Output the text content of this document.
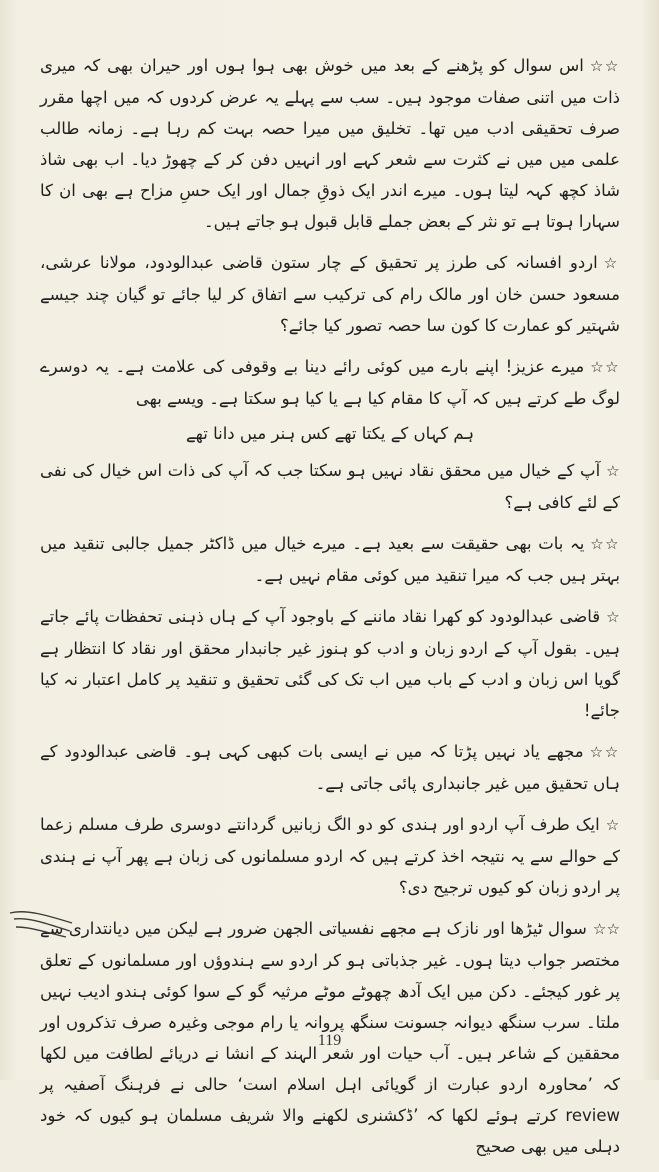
☆☆اس سوال کو پڑھنے کے بعد میں خوش بھی ہوا ہوں اور حیران بھی کہ میری ذات میں اتنی صفات موجود ہیں۔ سب سے پہلے یہ عرض کردوں کہ میں اچھا مقرر صرف تحقیقی ادب میں تھا۔ تخلیق میں میرا حصہ بہت کم رہا ہے۔ زمانہ طالب علمی میں میں نے کثرت سے شعر کہے اور انہیں دفن کر کے چھوڑ دیا۔ اب بھی شاذ شاذ کچھ کہہ لیتا ہوں۔ میرے اندر ایک ذوقِ جمال اور ایک حسِ مزاح ہے بھی ان کا سہارا ہوتا ہے تو نثر کے بعض جملے قابل قبول ہو جاتے ہیں۔

☆اردو افسانہ کی طرز پر تحقیق کے چار ستون قاضی عبدالودود، مولانا عرشی، مسعود حسن خان اور مالک رام کی ترکیب سے اتفاق کر لیا جائے تو گیان چند جیسے شہتیر کو عمارت کا کون سا حصہ تصور کیا جائے؟

☆☆میرے عزیز! اپنے بارے میں کوئی رائے دینا بے وقوفی کی علامت ہے۔ یہ دوسرے لوگ طے کرتے ہیں کہ آپ کا مقام کیا ہے یا کیا ہو سکتا ہے۔ ویسے بھی

ہم کہاں کے یکتا تھے کس ہنر میں دانا تھے

☆آپ کے خیال میں محقق نقاد نہیں ہو سکتا جب کہ آپ کی ذات اس خیال کی نفی کے لئے کافی ہے؟

☆☆یہ بات بھی حقیقت سے بعید ہے۔ میرے خیال میں ڈاکٹر جمیل جالبی تنقید میں بہتر ہیں جب کہ میرا تنقید میں کوئی مقام نہیں ہے۔

☆قاضی عبدالودود کو کھرا نقاد ماننے کے باوجود آپ کے ہاں ذہنی تحفظات پائے جاتے ہیں۔ بقول آپ کے اردو زبان و ادب کو ہنوز غیر جانبدار محقق اور نقاد کا انتظار ہے گویا اس زبان و ادب کے باب میں اب تک کی گئی تحقیق و تنقید پر کامل اعتبار نہ کیا جائے!

☆☆مجھے یاد نہیں پڑتا کہ میں نے ایسی بات کبھی کہی ہو۔ قاضی عبدالودود کے ہاں تحقیق میں غیر جانبداری پائی جاتی ہے۔

☆ایک طرف آپ اردو اور ہندی کو دو الگ زبانیں گردانتے دوسری طرف مسلم زعما کے حوالے سے یہ نتیجہ اخذ کرتے ہیں کہ اردو مسلمانوں کی زبان ہے پھر آپ نے ہندی پر اردو زبان کو کیوں ترجیح دی؟

☆☆سوال ٹیڑھا اور نازک ہے مجھے نفسیاتی الجھن ضرور ہے لیکن میں دیانتداری سے مختصر جواب دیتا ہوں۔ غیر جذباتی ہو کر اردو سے ہندوؤں اور مسلمانوں کے تعلق پر غور کیجئے۔ دکن میں ایک آدھ چھوٹے موٹے مرثیہ گو کے سوا کوئی ہندو ادیب نہیں ملتا۔ سرب سنگھ دیوانہ جسونت سنگھ پروانہ یا رام موجی وغیرہ صرف تذکروں اور محققین کے شاعر ہیں۔ آب حیات اور شعر الہند کے انشا نے دریائے لطافت میں لکھا کہ ’محاورہ اردو عبارت از گویائی اہل اسلام است‘ حالی نے فرہنگ آصفیہ پر review کرتے ہوئے لکھا کہ ’ڈکشنری لکھنے والا شریف مسلمان ہو کیوں کہ خود دہلی میں بھی صحیح

119
